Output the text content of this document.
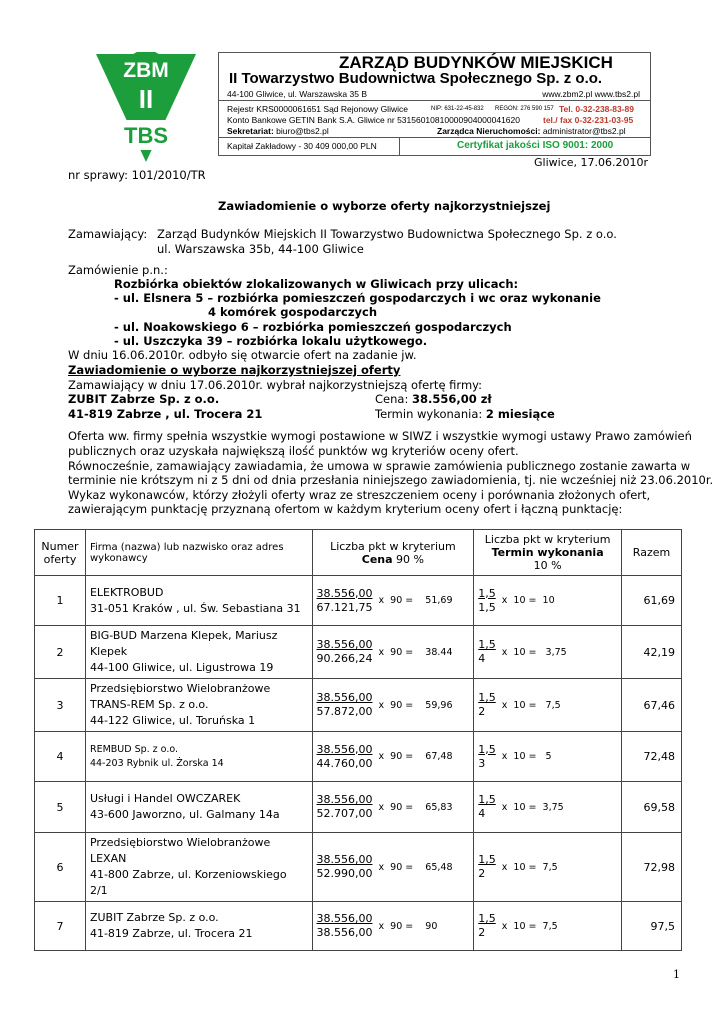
ZBM
II
TBS
ZARZĄD BUDYNKÓW MIEJSKICH
II Towarzystwo Budownictwa Społecznego Sp. z o.o.
44-100 Gliwice, ul. Warszawska 35 B	www.zbm2.pl www.tbs2.pl
Rejestr KRS0000061651 Sąd Rejonowy Gliwice	NIP: 631-22-45-832 REGON: 276 590 157 Tel. 0-32-238-83-89
Konto Bankowe GETIN Bank S.A. Gliwice nr 53156010810000904000041620	tel./ fax 0-32-231-03-95
Sekretariat: biuro@tbs2.pl	Zarządca Nieruchomości: administrator@tbs2.pl
Kapitał Zakładowy - 30 409 000,00 PLN	Certyfikat jakości ISO 9001: 2000
Gliwice, 17.06.2010r
nr sprawy: 101/2010/TR
Zawiadomienie o wyborze oferty najkorzystniejszej
Zamawiający: Zarząd Budynków Miejskich II Towarzystwo Budownictwa Społecznego Sp. z o.o.
ul. Warszawska 35b, 44-100 Gliwice
Zamówienie p.n.:
Rozbiórka obiektów zlokalizowanych w Gliwicach przy ulicach:
- ul. Elsnera 5 – rozbiórka pomieszczeń gospodarczych i wc oraz wykonanie
4 komórek gospodarczych
- ul. Noakowskiego 6 – rozbiórka pomieszczeń gospodarczych
- ul. Uszczyka 39 – rozbiórka lokalu użytkowego.
W dniu 16.06.2010r. odbyło się otwarcie ofert na zadanie jw.
Zawiadomienie o wyborze najkorzystniejszej oferty
Zamawiający w dniu 17.06.2010r. wybrał najkorzystniejszą ofertę firmy:
ZUBIT Zabrze Sp. z o.o.	Cena: 38.556,00 zł
41-819 Zabrze , ul. Trocera 21	Termin wykonania: 2 miesiące
Oferta ww. firmy spełnia wszystkie wymogi postawione w SIWZ i wszystkie wymogi ustawy Prawo zamówień
publicznych oraz uzyskała największą ilość punktów wg kryteriów oceny ofert.
Równocześnie, zamawiający zawiadamia, że umowa w sprawie zamówienia publicznego zostanie zawarta w
terminie nie krótszym ni z 5 dni od dnia przesłania niniejszego zawiadomienia, tj. nie wcześniej niż 23.06.2010r.
Wykaz wykonawców, którzy złożyli oferty wraz ze streszczeniem oceny i porównania złożonych ofert,
zawierającym punktację przyznaną ofertom w każdym kryterium oceny ofert i łączną punktację:
Numer
oferty	Firma (nazwa) lub nazwisko oraz adres wykonawcy	Liczba pkt w kryterium
Cena 90 %	Liczba pkt w kryterium
Termin wykonania
10 %	Razem
1	ELEKTROBUD
31-051 Kraków , ul. Św. Sebastiana 31	$\frac{38.556,00}{67.121,75}$ x  90 =    51,69	$\frac{1,5}{1,5}$ x  10 =  10	61,69
2	BIG-BUD Marzena Klepek, Mariusz Klepek
44-100 Gliwice, ul. Ligustrowa 19	$\frac{38.556,00}{90.266,24}$ x  90 =    38.44	$\frac{1,5}{4}$ x  10 =   3,75	42,19
3	Przedsiębiorstwo Wielobranżowe
TRANS-REM Sp. z o.o.
44-122 Gliwice, ul. Toruńska 1	$\frac{38.556,00}{57.872,00}$ x  90 =    59,96	$\frac{1,5}{2}$ x  10 =   7,5	67,46
4	REMBUD Sp. z o.o.
44-203 Rybnik ul. Żorska 14	$\frac{38.556,00}{44.760,00}$ x  90 =    67,48	$\frac{1,5}{3}$ x  10 =   5	72,48
5	Usługi i Handel OWCZAREK
43-600 Jaworzno, ul. Galmany 14a	$\frac{38.556,00}{52.707,00}$ x  90 =    65,83	$\frac{1,5}{4}$ x  10 =  3,75	69,58
6	Przedsiębiorstwo Wielobranżowe LEXAN
41-800 Zabrze, ul. Korzeniowskiego 2/1	$\frac{38.556,00}{52.990,00}$ x  90 =    65,48	$\frac{1,5}{2}$ x  10 =  7,5	72,98
7	ZUBIT Zabrze Sp. z o.o.
41-819 Zabrze, ul. Trocera 21	$\frac{38.556,00}{38.556,00}$ x  90 =    90	$\frac{1,5}{2}$ x  10 =  7,5	97,5
1
